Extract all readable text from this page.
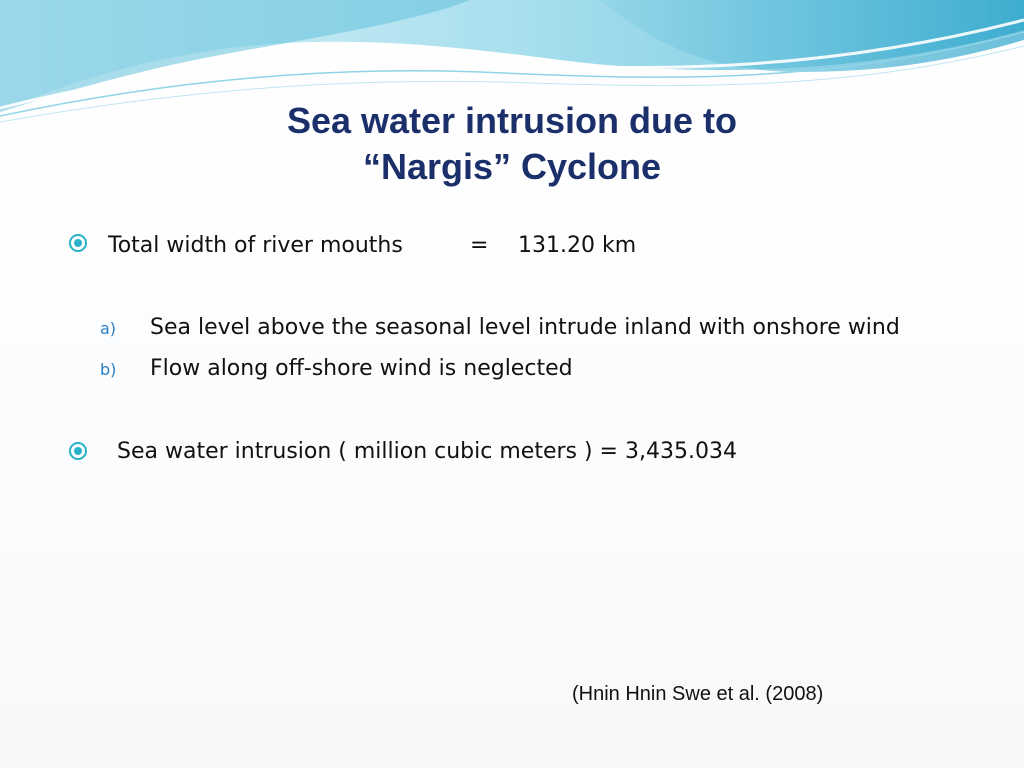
Sea water intrusion due to
“Nargis” Cyclone
Total width of river mouths	= 131.20 km
a)	Sea level above the seasonal level intrude inland with onshore wind
b)	Flow along off-shore wind is neglected
Sea water intrusion ( million cubic meters ) = 3,435.034
(Hnin Hnin Swe et al. (2008)
